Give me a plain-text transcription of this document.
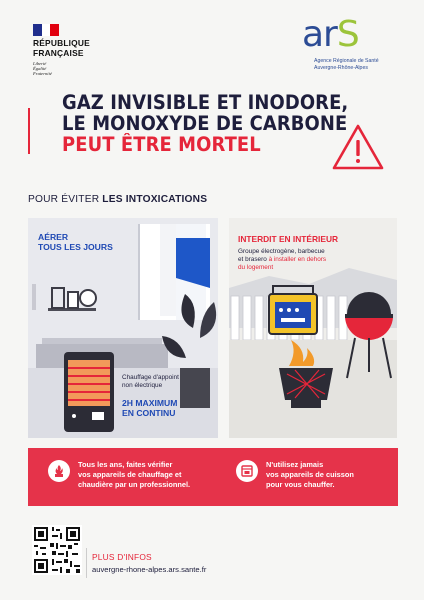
RÉPUBLIQUE
FRANÇAISE
Liberté
Égalité
Fraternité
arS
Agence Régionale de Santé
Auvergne-Rhône-Alpes
GAZ INVISIBLE ET INODORE,
LE MONOXYDE DE CARBONE
PEUT ÊTRE MORTEL
POUR ÉVITER LES INTOXICATIONS
AÉRER
TOUS LES JOURS
Chauffage d'appoint
non électrique
2H MAXIMUM
EN CONTINU
INTERDIT EN INTÉRIEUR
Groupe électrogène, barbecue
et brasero à installer en dehors
du logement
Tous les ans, faites vérifier
vos appareils de chauffage et
chaudière par un professionnel.
N'utilisez jamais
vos appareils de cuisson
pour vous chauffer.
PLUS D'INFOS
auvergne-rhone-alpes.ars.sante.fr
